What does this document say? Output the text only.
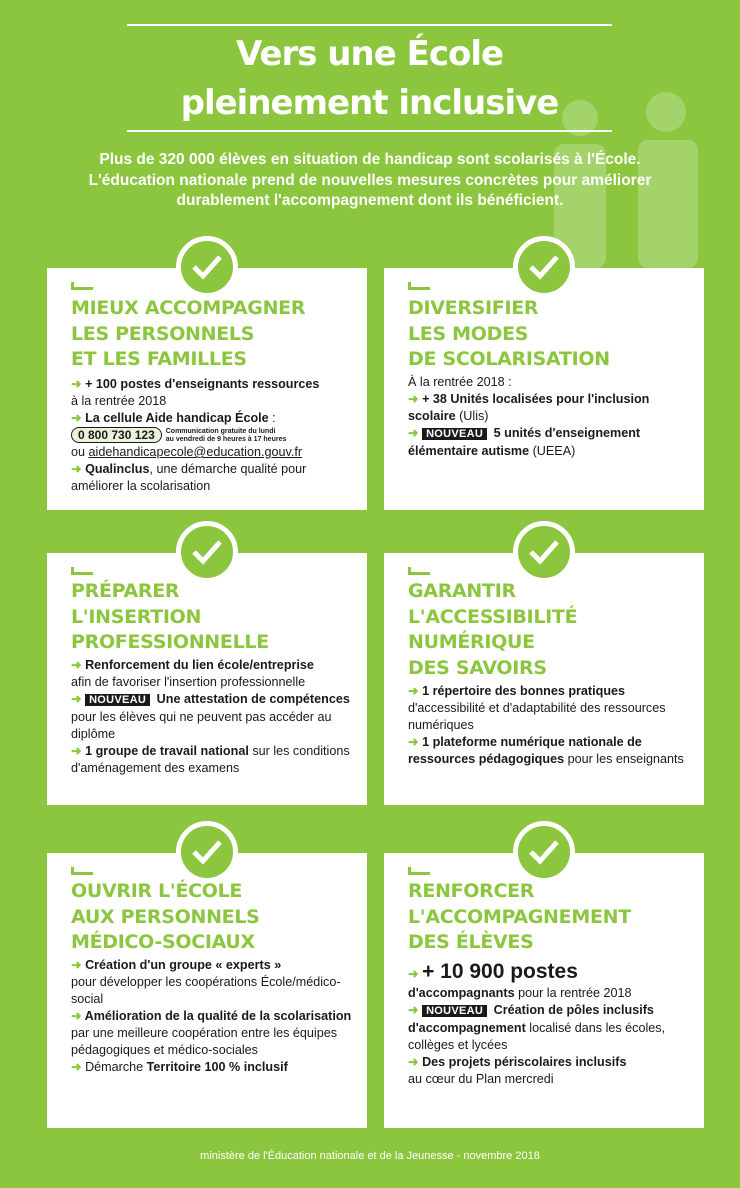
Vers une École
pleinement inclusive
Plus de 320 000 élèves en situation de handicap sont scolarisés à l'École.
L'éducation nationale prend de nouvelles mesures concrètes pour améliorer
durablement l'accompagnement dont ils bénéficient.
MIEUX ACCOMPAGNER
LES PERSONNELS
ET LES FAMILLES

➜ + 100 postes d'enseignants ressources

à la rentrée 2018

➜ La cellule Aide handicap École :

0 800 730 123 Communication gratuite du lundi
au vendredi de 9 heures à 17 heures

ou aidehandicapecole@education.gouv.fr

➜ Qualinclus, une démarche qualité pour améliorer la scolarisation

DIVERSIFIER
LES MODES
DE SCOLARISATION

À la rentrée 2018 :

➜ + 38 Unités localisées pour l'inclusion scolaire (Ulis)

➜ NOUVEAU 5 unités d'enseignement élémentaire autisme (UEEA)

PRÉPARER
L'INSERTION
PROFESSIONNELLE

➜ Renforcement du lien école/entreprise

afin de favoriser l'insertion professionnelle

➜ NOUVEAU Une attestation de compétences

pour les élèves qui ne peuvent pas accéder au diplôme

➜ 1 groupe de travail national sur les conditions d'aménagement des examens

GARANTIR
L'ACCESSIBILITÉ
NUMÉRIQUE
DES SAVOIRS

➜ 1 répertoire des bonnes pratiques

d'accessibilité et d'adaptabilité des ressources numériques

➜ 1 plateforme numérique nationale de ressources pédagogiques pour les enseignants

OUVRIR L'ÉCOLE
AUX PERSONNELS
MÉDICO-SOCIAUX

➜ Création d'un groupe « experts »

pour développer les coopérations École/médico-social

➜ Amélioration de la qualité de la scolarisation par une meilleure coopération entre les équipes pédagogiques et médico-sociales

➜ Démarche Territoire 100 % inclusif

RENFORCER
L'ACCOMPAGNEMENT
DES ÉLÈVES

➜ + 10 900 postes

d'accompagnants pour la rentrée 2018

➜ NOUVEAU Création de pôles inclusifs d'accompagnement localisé dans les écoles, collèges et lycées

➜ Des projets périscolaires inclusifs

au cœur du Plan mercredi

ministère de l'Éducation nationale et de la Jeunesse - novembre 2018
